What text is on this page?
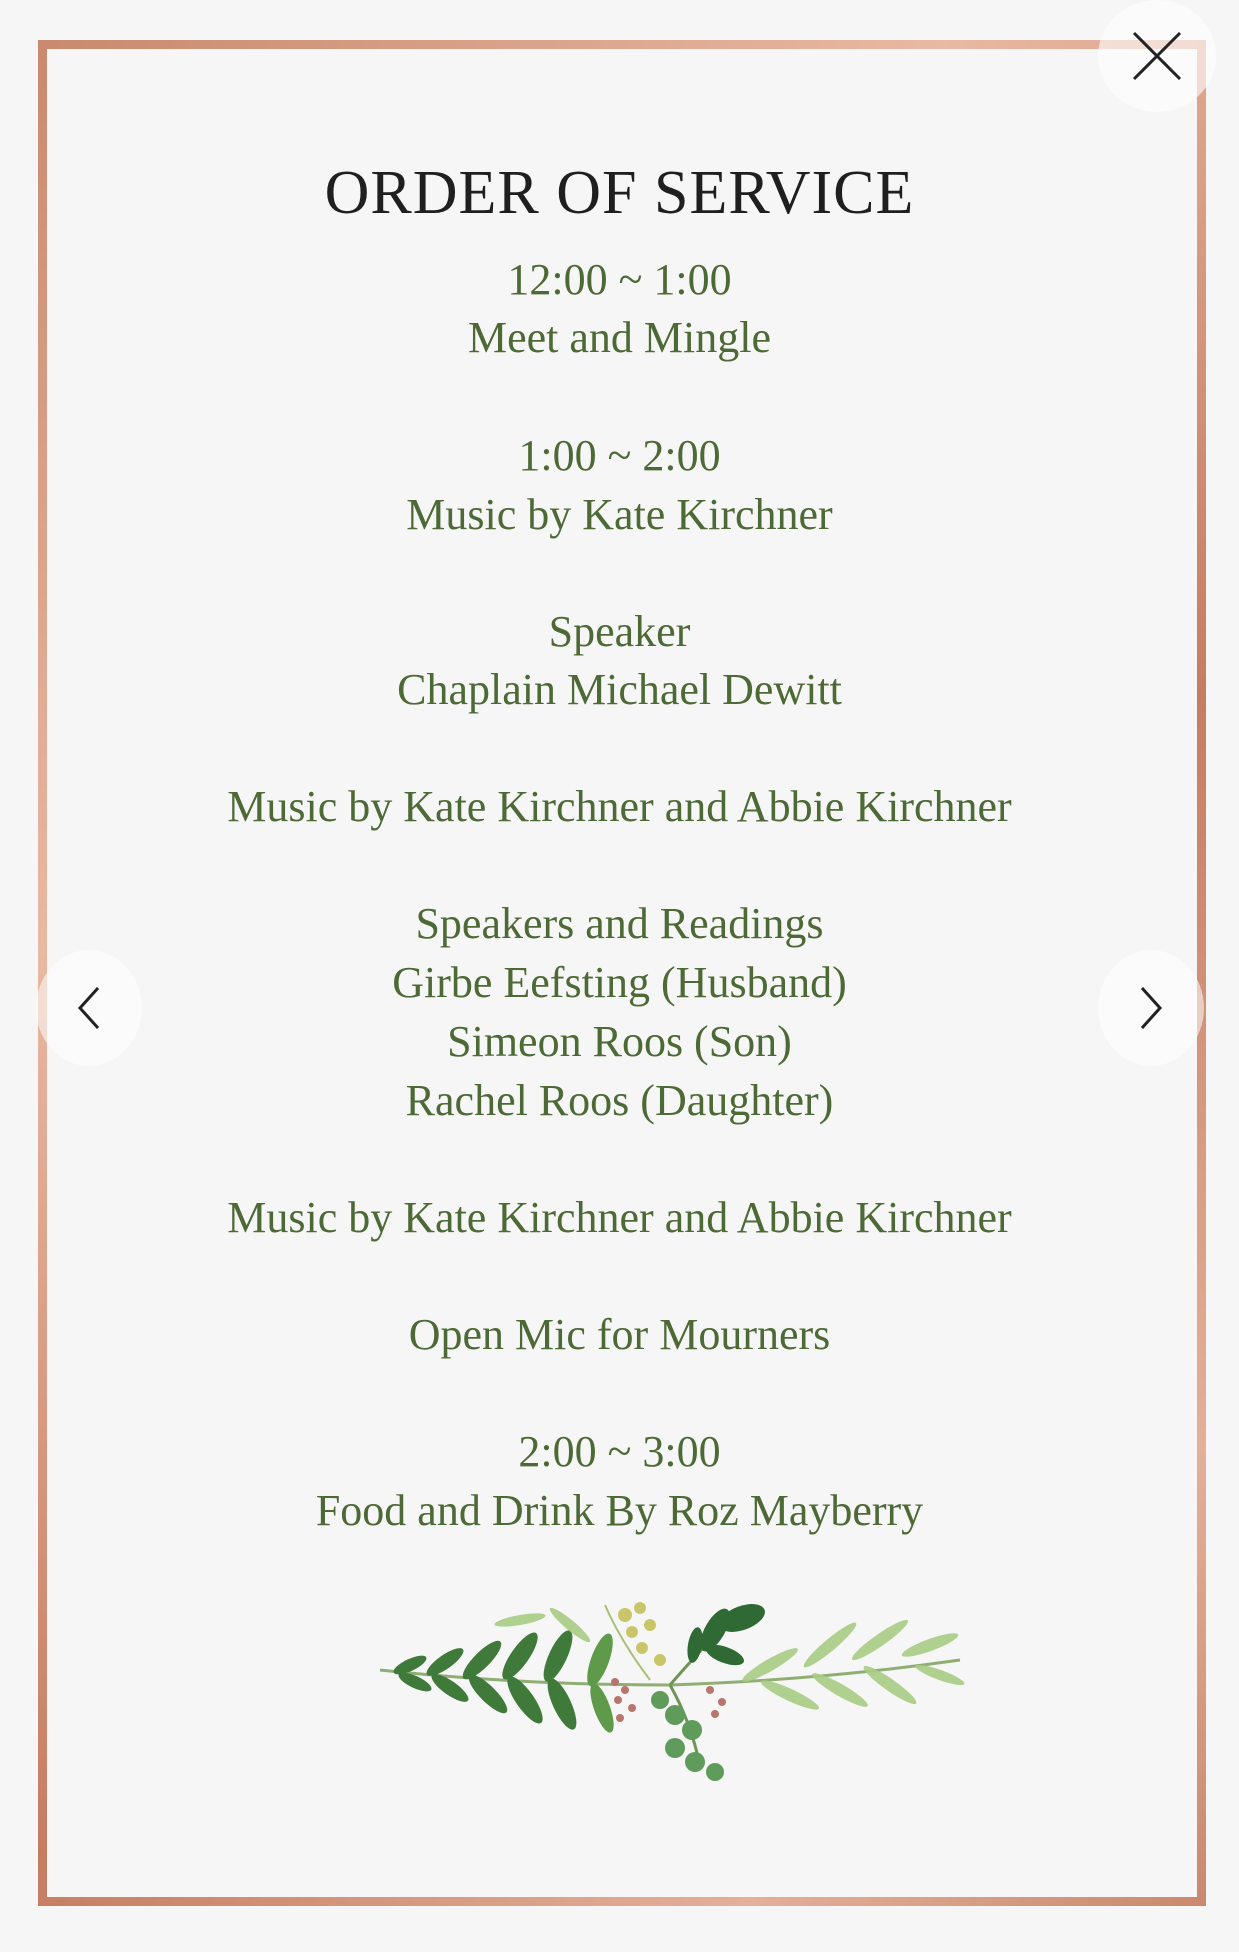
ORDER OF SERVICE
12:00 ~ 1:00
Meet and Mingle
1:00 ~ 2:00
Music by Kate Kirchner
Speaker
Chaplain Michael Dewitt
Music by Kate Kirchner and Abbie Kirchner
Speakers and Readings
Girbe Eefsting (Husband)
Simeon Roos (Son)
Rachel Roos (Daughter)
Music by Kate Kirchner and Abbie Kirchner
Open Mic for Mourners
2:00 ~ 3:00
Food and Drink By Roz Mayberry
